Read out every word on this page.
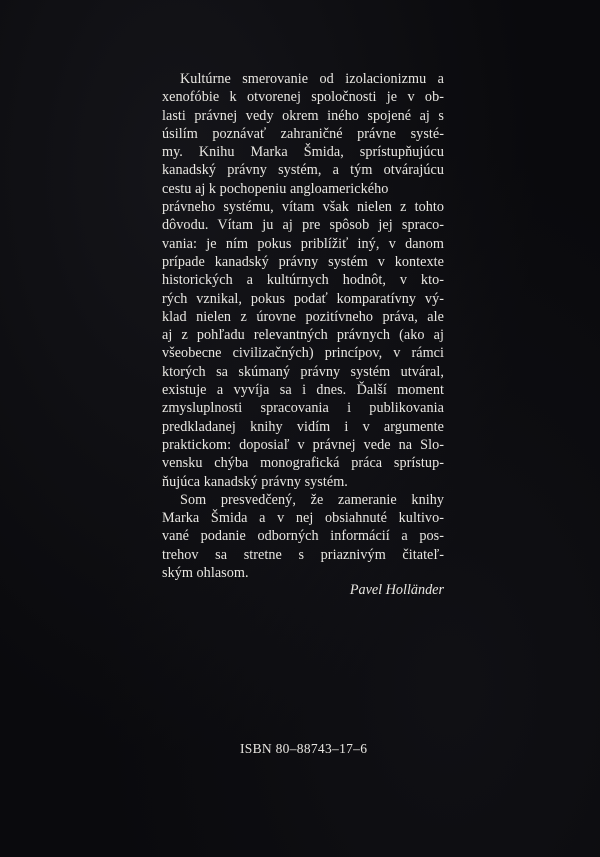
Kultúrne smerovanie od izolacionizmu a
xenofóbie k otvorenej spoločnosti je v ob-
lasti právnej vedy okrem iného spojené aj s
úsilím poznávať zahraničné právne systé-
my. Knihu Marka Šmida, sprístupňujúcu
kanadský právny systém, a tým otvárajúcu
cestu aj k pochopeniu angloamerického
právneho systému, vítam však nielen z tohto
dôvodu. Vítam ju aj pre spôsob jej spraco-
vania: je ním pokus priblížiť iný, v danom
prípade kanadský právny systém v kontexte
historických a kultúrnych hodnôt, v kto-
rých vznikal, pokus podať komparatívny vý-
klad nielen z úrovne pozitívneho práva, ale
aj z pohľadu relevantných právnych (ako aj
všeobecne civilizačných) princípov, v rámci
ktorých sa skúmaný právny systém utváral,
existuje a vyvíja sa i dnes. Ďalší moment
zmysluplnosti spracovania i publikovania
predkladanej knihy vidím i v argumente
praktickom: doposiaľ v právnej vede na Slo-
vensku chýba monografická práca sprístup-
ňujúca kanadský právny systém.

Som presvedčený, že zameranie knihy
Marka Šmida a v nej obsiahnuté kultivo-
vané podanie odborných informácií a pos-
trehov sa stretne s priaznivým čitateľ-
ským ohlasom.

Pavel Holländer
ISBN 80–88743–17–6
